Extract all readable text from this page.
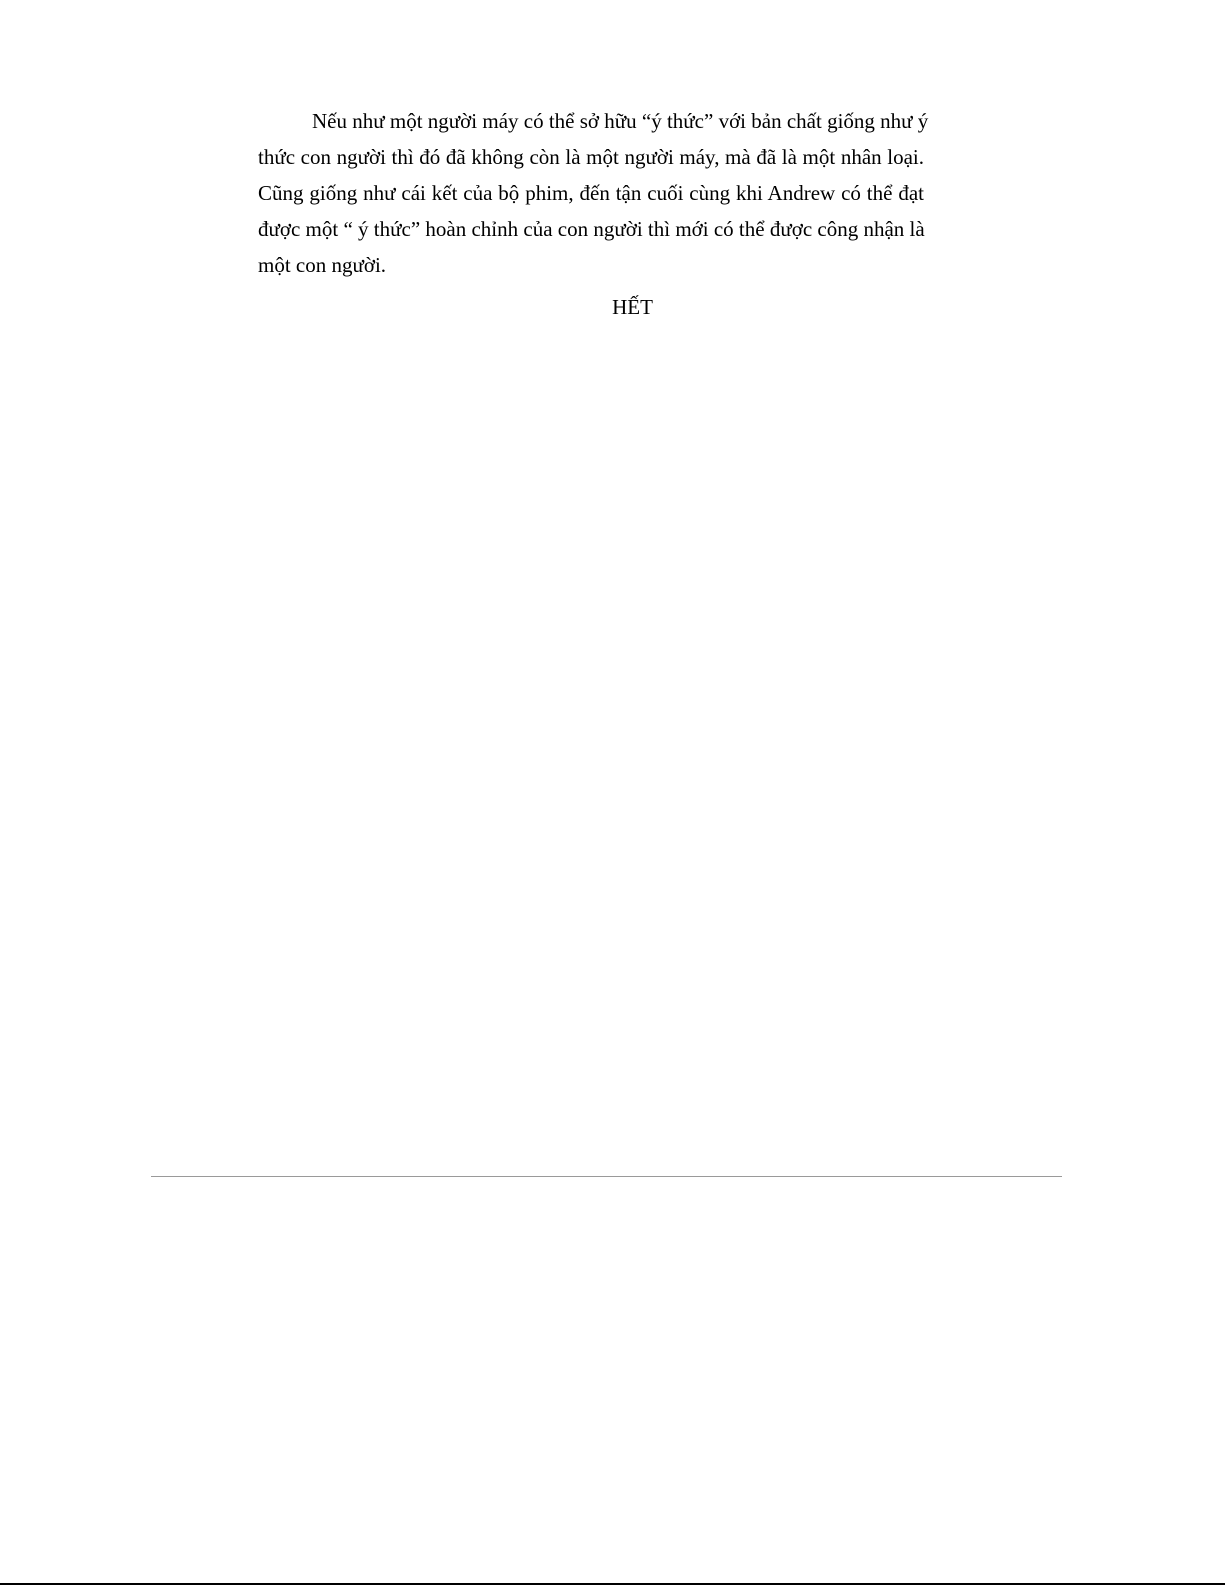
Nếu như một người máy có thể sở hữu “ý thức” với bản chất giống như ý
thức con người thì đó đã không còn là một người máy, mà đã là một nhân loại.
Cũng giống như cái kết của bộ phim, đến tận cuối cùng khi Andrew có thể đạt
được một “ ý thức” hoàn chỉnh của con người thì mới có thể được công nhận là
một con người.
HẾT
